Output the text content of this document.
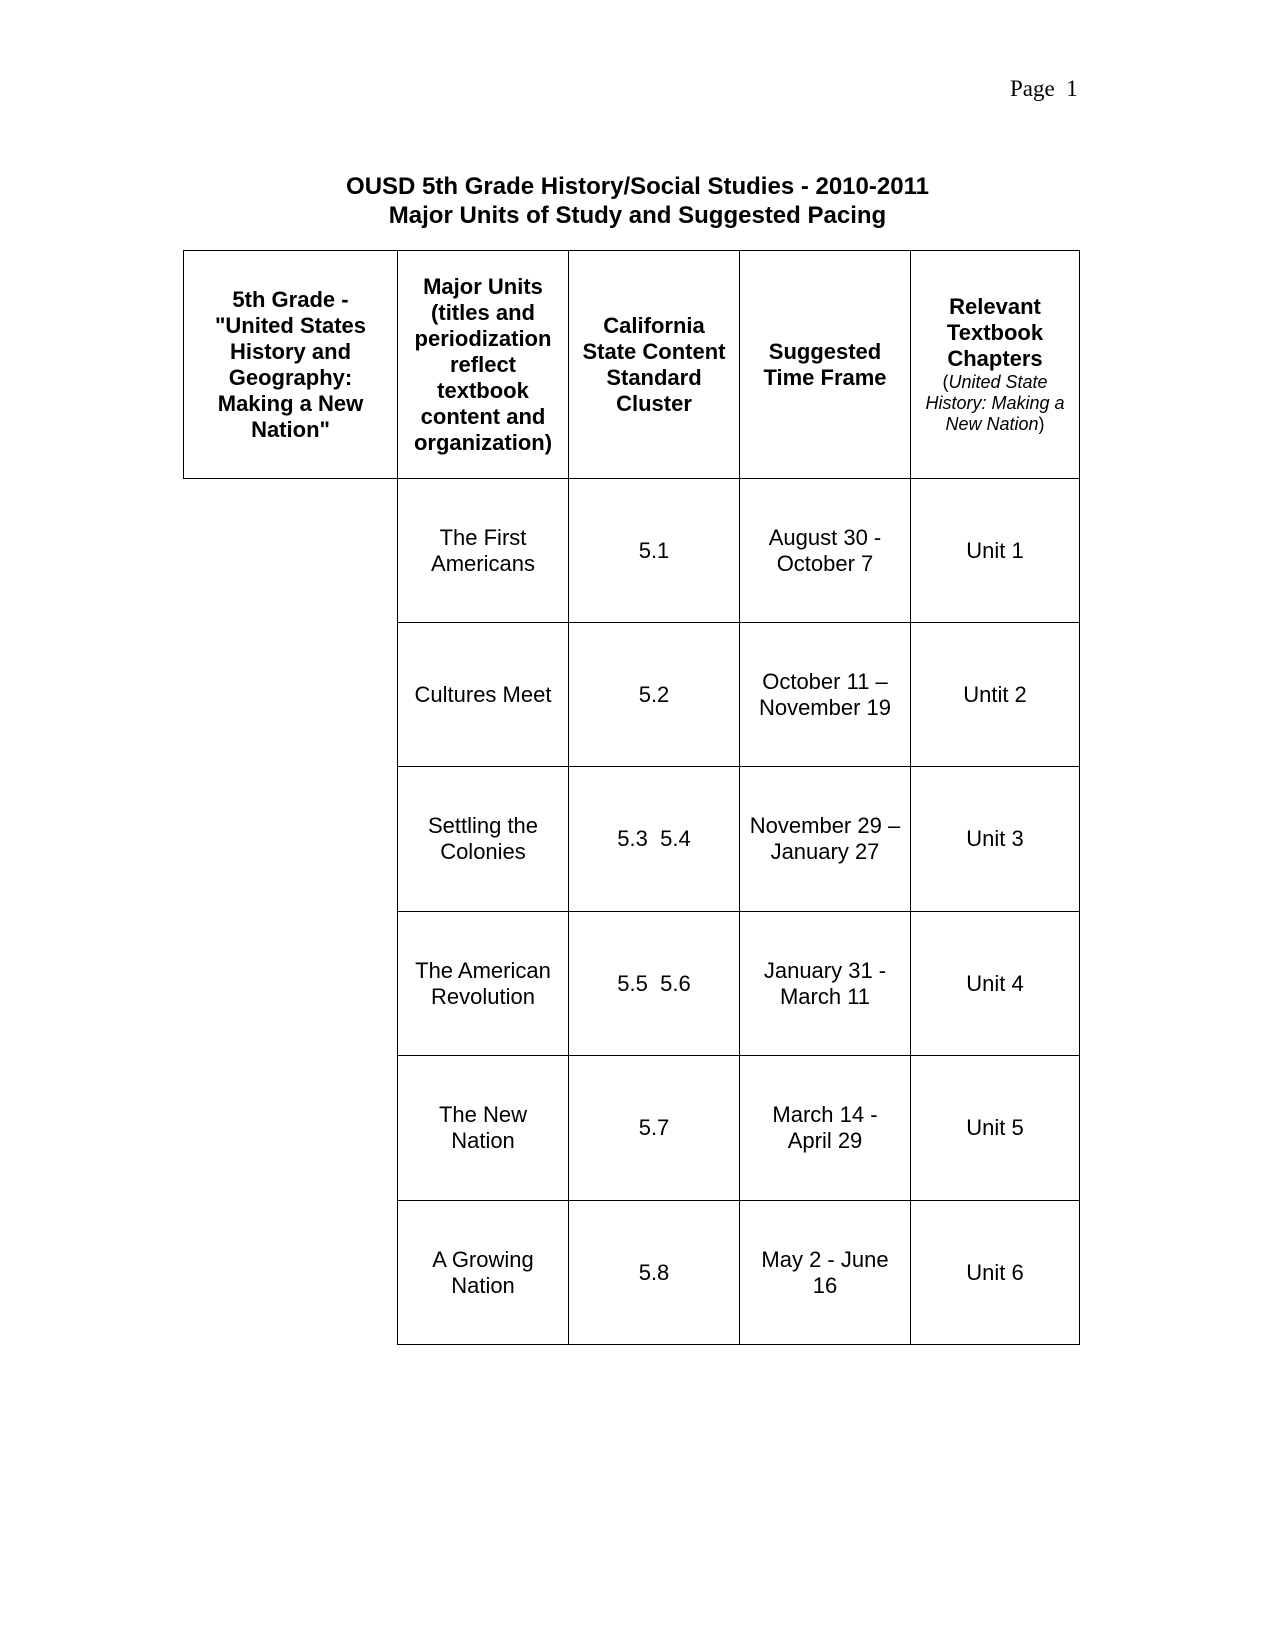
Page 1
OUSD 5th Grade History/Social Studies - 2010-2011
Major Units of Study and Suggested Pacing
5th Grade - "United States History and Geography: Making a New Nation"
Major Units (titles and periodization reflect textbook content and organization)
California State Content Standard Cluster
Suggested Time Frame
Relevant Textbook Chapters
(United State History: Making a New Nation)
The First Americans
5.1
August 30 - October 7
Unit 1
Cultures Meet	5.2
October 11 – November 19
Untit 2
Settling the Colonies
5.3  5.4
November 29 – January 27
Unit 3
The American Revolution
5.5  5.6
January 31 - March 11
Unit 4
The New Nation
5.7
March 14 - April 29
Unit 5
A Growing Nation
5.8
May 2 - June 16
Unit 6
